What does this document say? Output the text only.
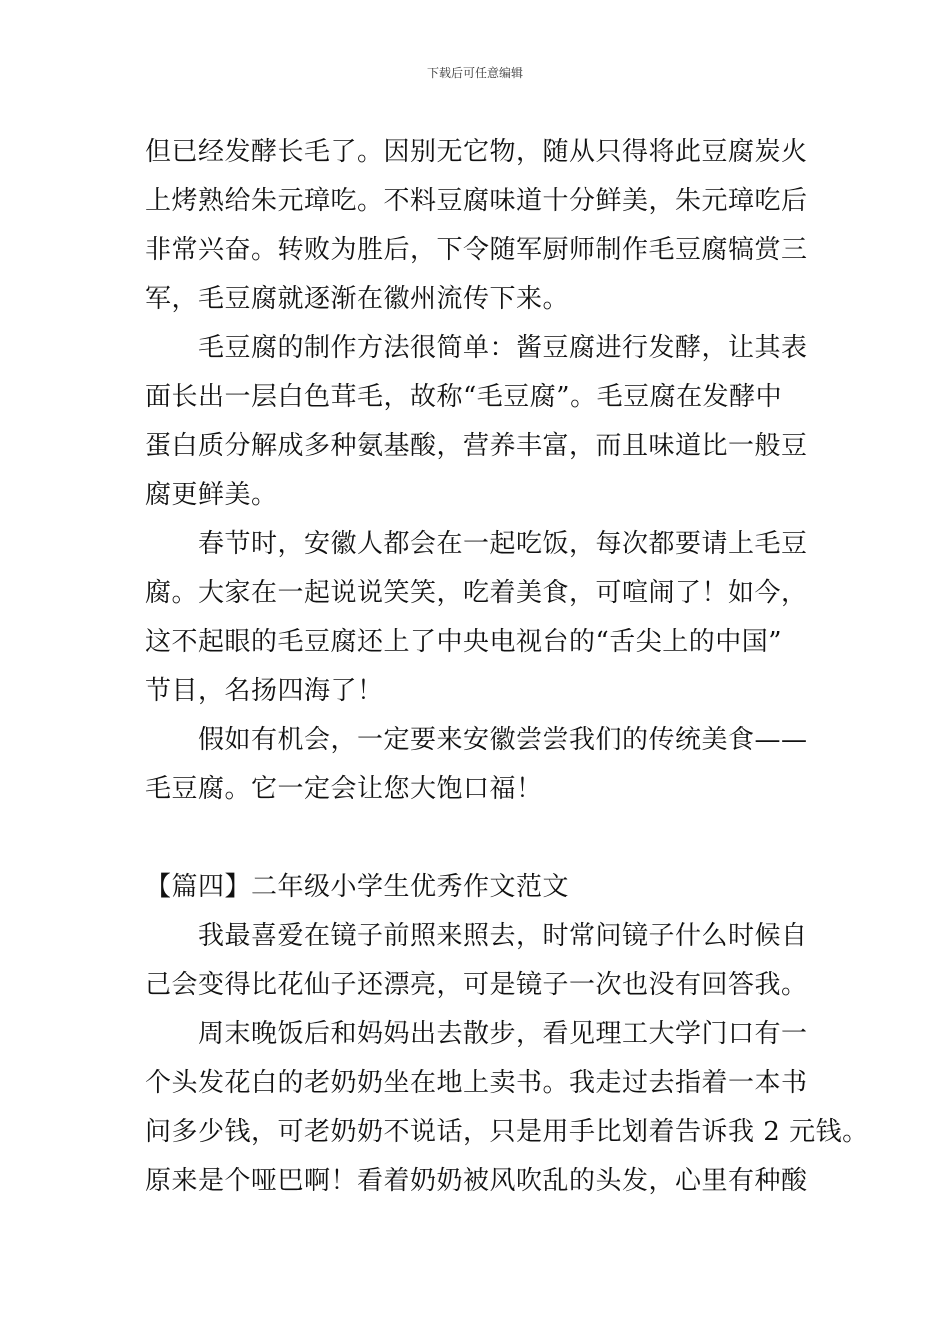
下载后可任意编辑
但已经发酵长毛了。因别无它物，随从只得将此豆腐炭火
上烤熟给朱元璋吃。不料豆腐味道十分鲜美，朱元璋吃后
非常兴奋。转败为胜后，下令随军厨师制作毛豆腐犒赏三
军，毛豆腐就逐渐在徽州流传下来。
毛豆腐的制作方法很简单：酱豆腐进行发酵，让其表
面长出一层白色茸毛，故称“毛豆腐”。毛豆腐在发酵中
蛋白质分解成多种氨基酸，营养丰富，而且味道比一般豆
腐更鲜美。
春节时，安徽人都会在一起吃饭，每次都要请上毛豆
腐。大家在一起说说笑笑，吃着美食，可喧闹了！如今，
这不起眼的毛豆腐还上了中央电视台的“舌尖上的中国”
节目，名扬四海了！
假如有机会，一定要来安徽尝尝我们的传统美食——
毛豆腐。它一定会让您大饱口福！
【篇四】二年级小学生优秀作文范文
我最喜爱在镜子前照来照去，时常问镜子什么时候自
己会变得比花仙子还漂亮，可是镜子一次也没有回答我。
周末晚饭后和妈妈出去散步，看见理工大学门口有一
个头发花白的老奶奶坐在地上卖书。我走过去指着一本书
问多少钱，可老奶奶不说话，只是用手比划着告诉我 2 元钱。
原来是个哑巴啊！看着奶奶被风吹乱的头发，心里有种酸
